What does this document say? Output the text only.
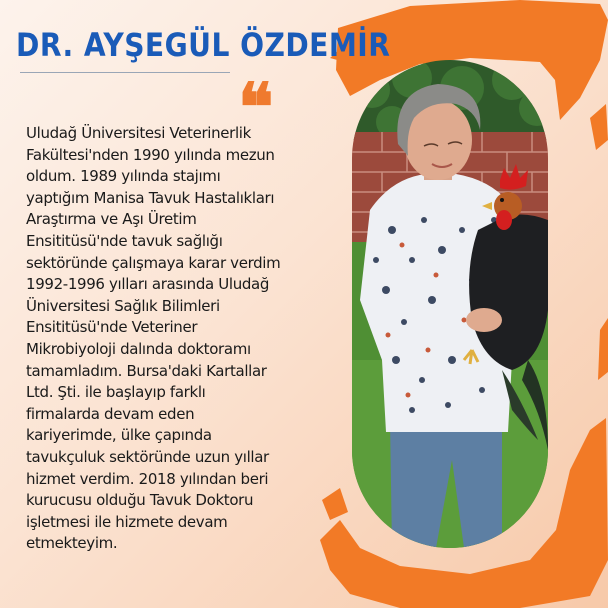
DR. AYŞEGÜL ÖZDEMİR
❝

Uludağ Üniversitesi Veterinerlik
Fakültesi'nden 1990 yılında mezun
oldum. 1989 yılında stajımı
yaptığım Manisa Tavuk Hastalıkları
Araştırma ve Aşı Üretim
Ensititüsü'nde tavuk sağlığı
sektöründe çalışmaya karar verdim
1992-1996 yılları arasında Uludağ
Üniversitesi Sağlık Bilimleri
Ensititüsü'nde Veteriner
Mikrobiyoloji dalında doktoramı
tamamladım. Bursa'daki Kartallar
Ltd. Şti. ile başlayıp farklı
firmalarda devam eden
kariyerimde, ülke çapında
tavukçuluk sektöründe uzun yıllar
hizmet verdim. 2018 yılından beri
kurucusu olduğu Tavuk Doktoru
işletmesi ile hizmete devam
etmekteyim.
